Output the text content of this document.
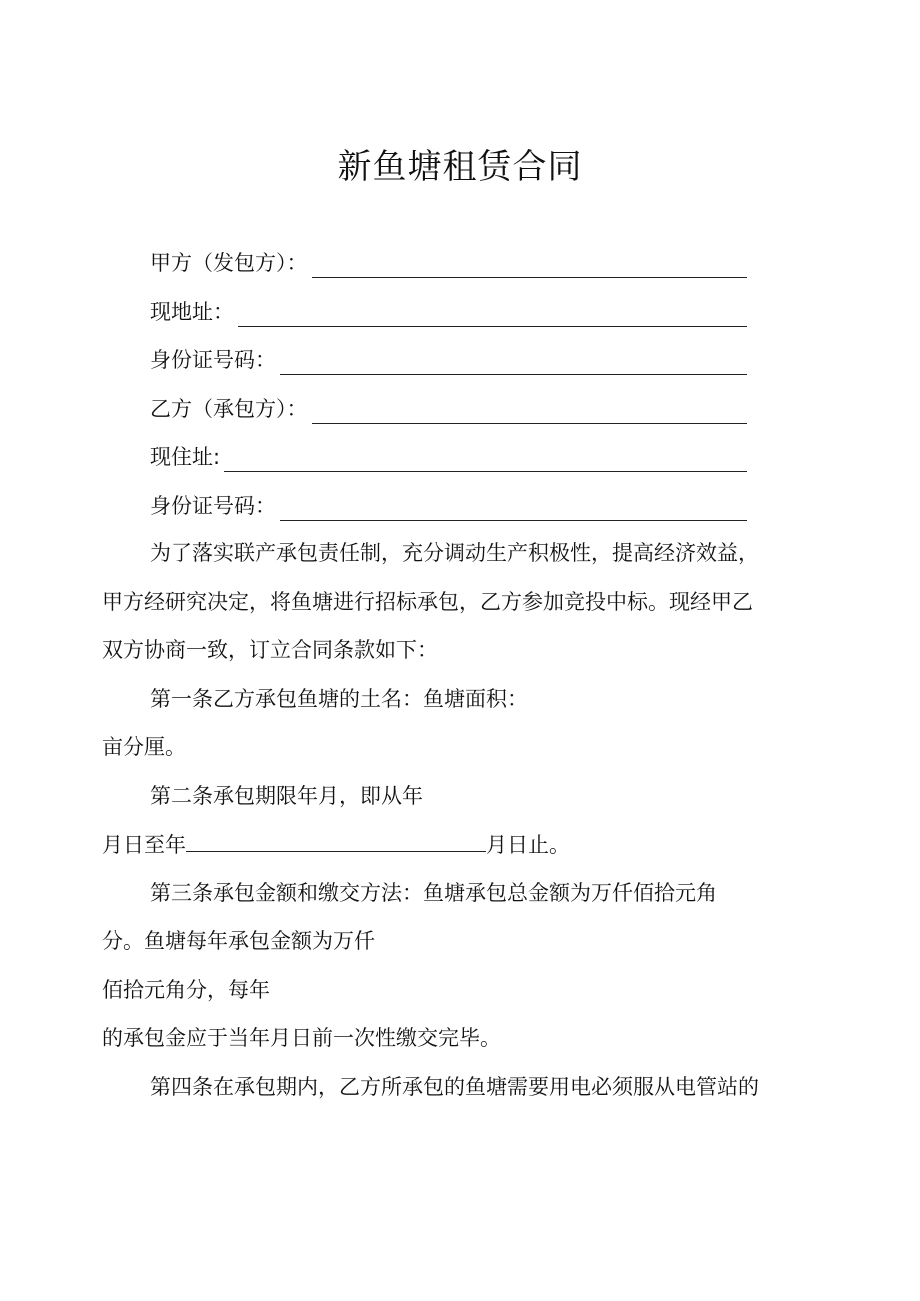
新鱼塘租赁合同
甲方（发包方）：
现地址：
身份证号码：
乙方（承包方）：
现住址:
身份证号码：
为了落实联产承包责任制，充分调动生产积极性，提高经济效益，
甲方经研究决定，将鱼塘进行招标承包，乙方参加竞投中标。现经甲乙
双方协商一致，订立合同条款如下：
第一条乙方承包鱼塘的土名：鱼塘面积：
亩分厘。
第二条承包期限年月，即从年
月日至年	月日止。
第三条承包金额和缴交方法：鱼塘承包总金额为万仟佰拾元角
分。鱼塘每年承包金额为万仟
佰拾元角分，每年
的承包金应于当年月日前一次性缴交完毕。
第四条在承包期内，乙方所承包的鱼塘需要用电必须服从电管站的
